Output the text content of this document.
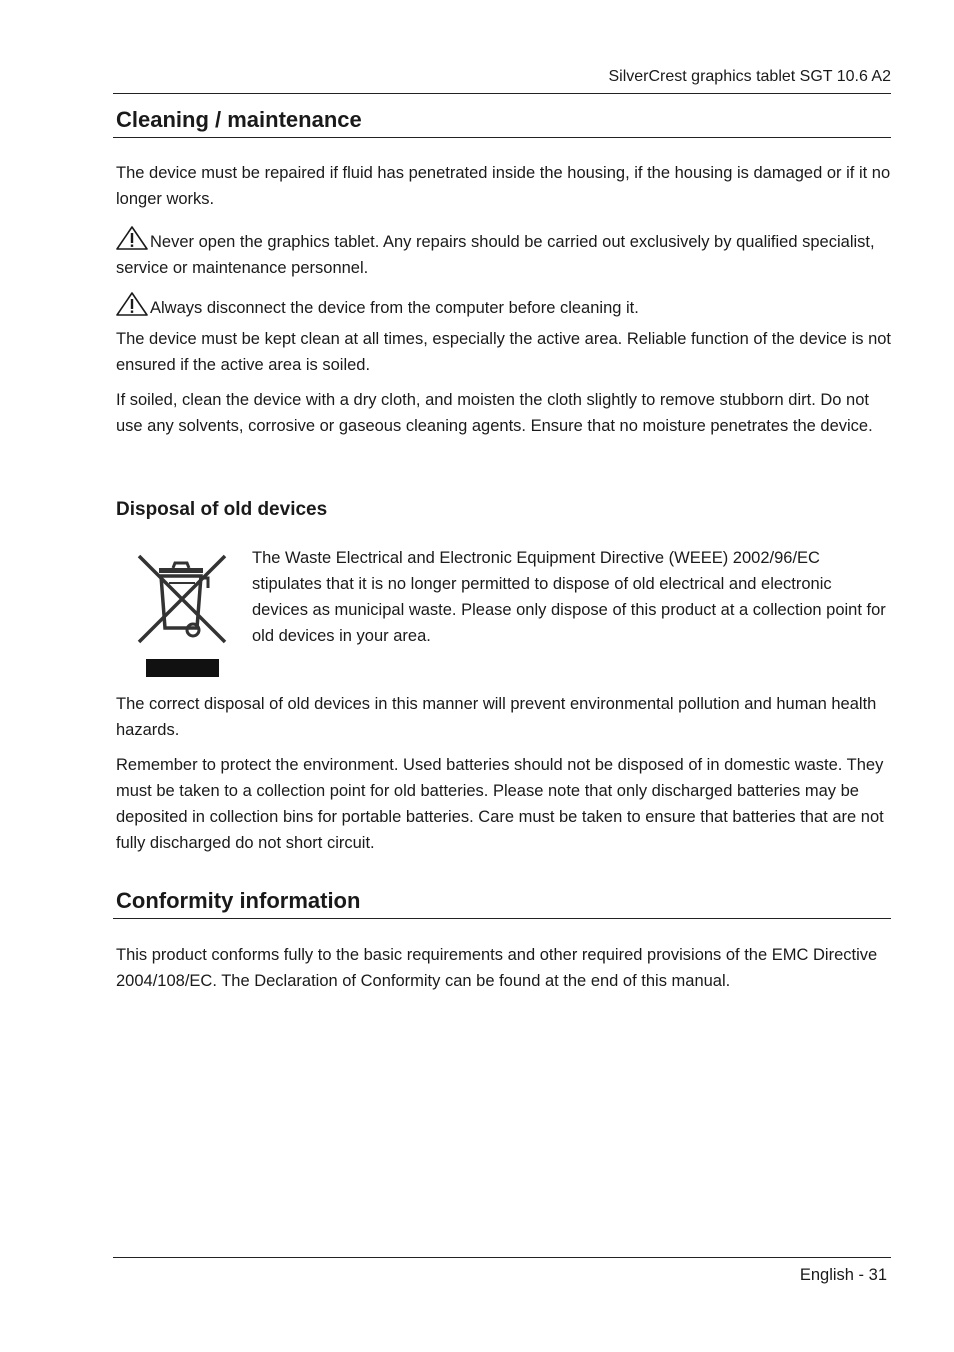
SilverCrest graphics tablet SGT 10.6 A2
Cleaning / maintenance

The device must be repaired if fluid has penetrated inside the housing, if the housing is damaged or if it no longer works.

Never open the graphics tablet. Any repairs should be carried out exclusively by qualified specialist, service or maintenance personnel.

Always disconnect the device from the computer before cleaning it.

The device must be kept clean at all times, especially the active area. Reliable function of the device is not ensured if the active area is soiled.

If soiled, clean the device with a dry cloth, and moisten the cloth slightly to remove stubborn dirt. Do not use any solvents, corrosive or gaseous cleaning agents. Ensure that no moisture penetrates the device.

Disposal of old devices

The Waste Electrical and Electronic Equipment Directive (WEEE) 2002/96/EC stipulates that it is no longer permitted to dispose of old electrical and electronic devices as municipal waste. Please only dispose of this product at a collection point for old devices in your area.

The correct disposal of old devices in this manner will prevent environmental pollution and human health hazards.

Remember to protect the environment. Used batteries should not be disposed of in domestic waste. They must be taken to a collection point for old batteries. Please note that only discharged batteries may be deposited in collection bins for portable batteries. Care must be taken to ensure that batteries that are not fully discharged do not short circuit.

Conformity information

This product conforms fully to the basic requirements and other required provisions of the EMC Directive 2004/108/EC. The Declaration of Conformity can be found at the end of this manual.

English - 31
